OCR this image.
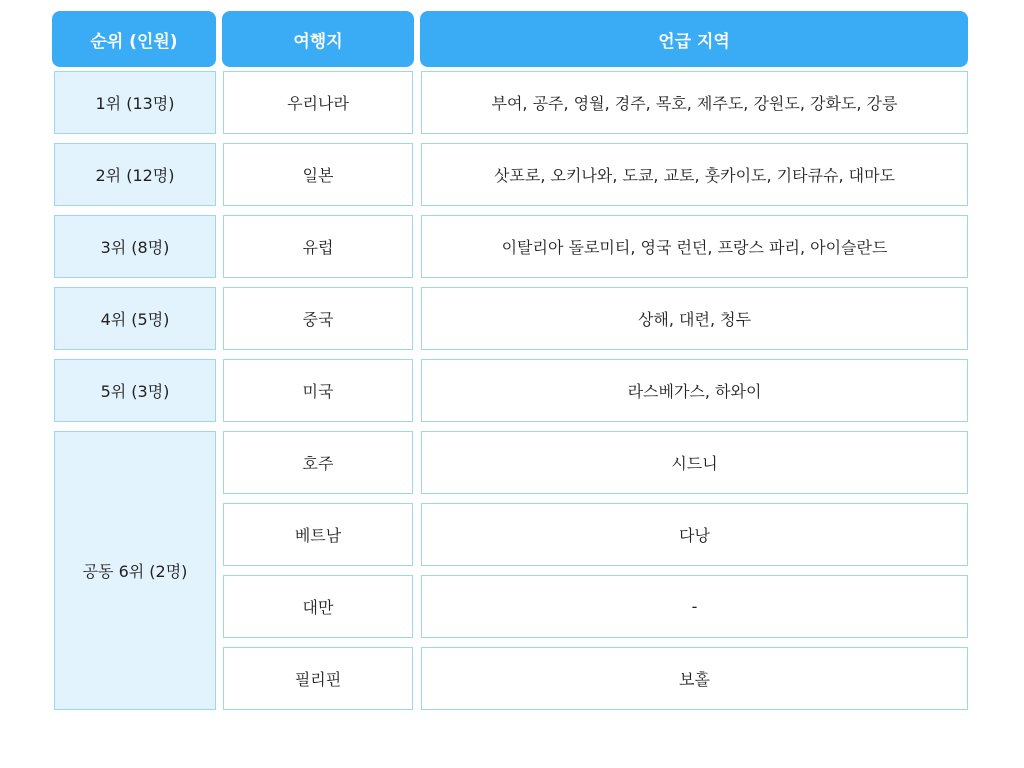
순위 (인원)	여행지	언급 지역
1위 (13명)	우리나라	부여, 공주, 영월, 경주, 목호, 제주도, 강원도, 강화도, 강릉
2위 (12명)	일본	삿포로, 오키나와, 도쿄, 교토, 훗카이도, 기타큐슈, 대마도
3위 (8명)	유럽	이탈리아 돌로미티, 영국 런던, 프랑스 파리, 아이슬란드
4위 (5명)	중국	상해, 대련, 청두
5위 (3명)	미국	라스베가스, 하와이
공동 6위 (2명)
호주	시드니
베트남	다낭
대만	-
필리핀	보홀
